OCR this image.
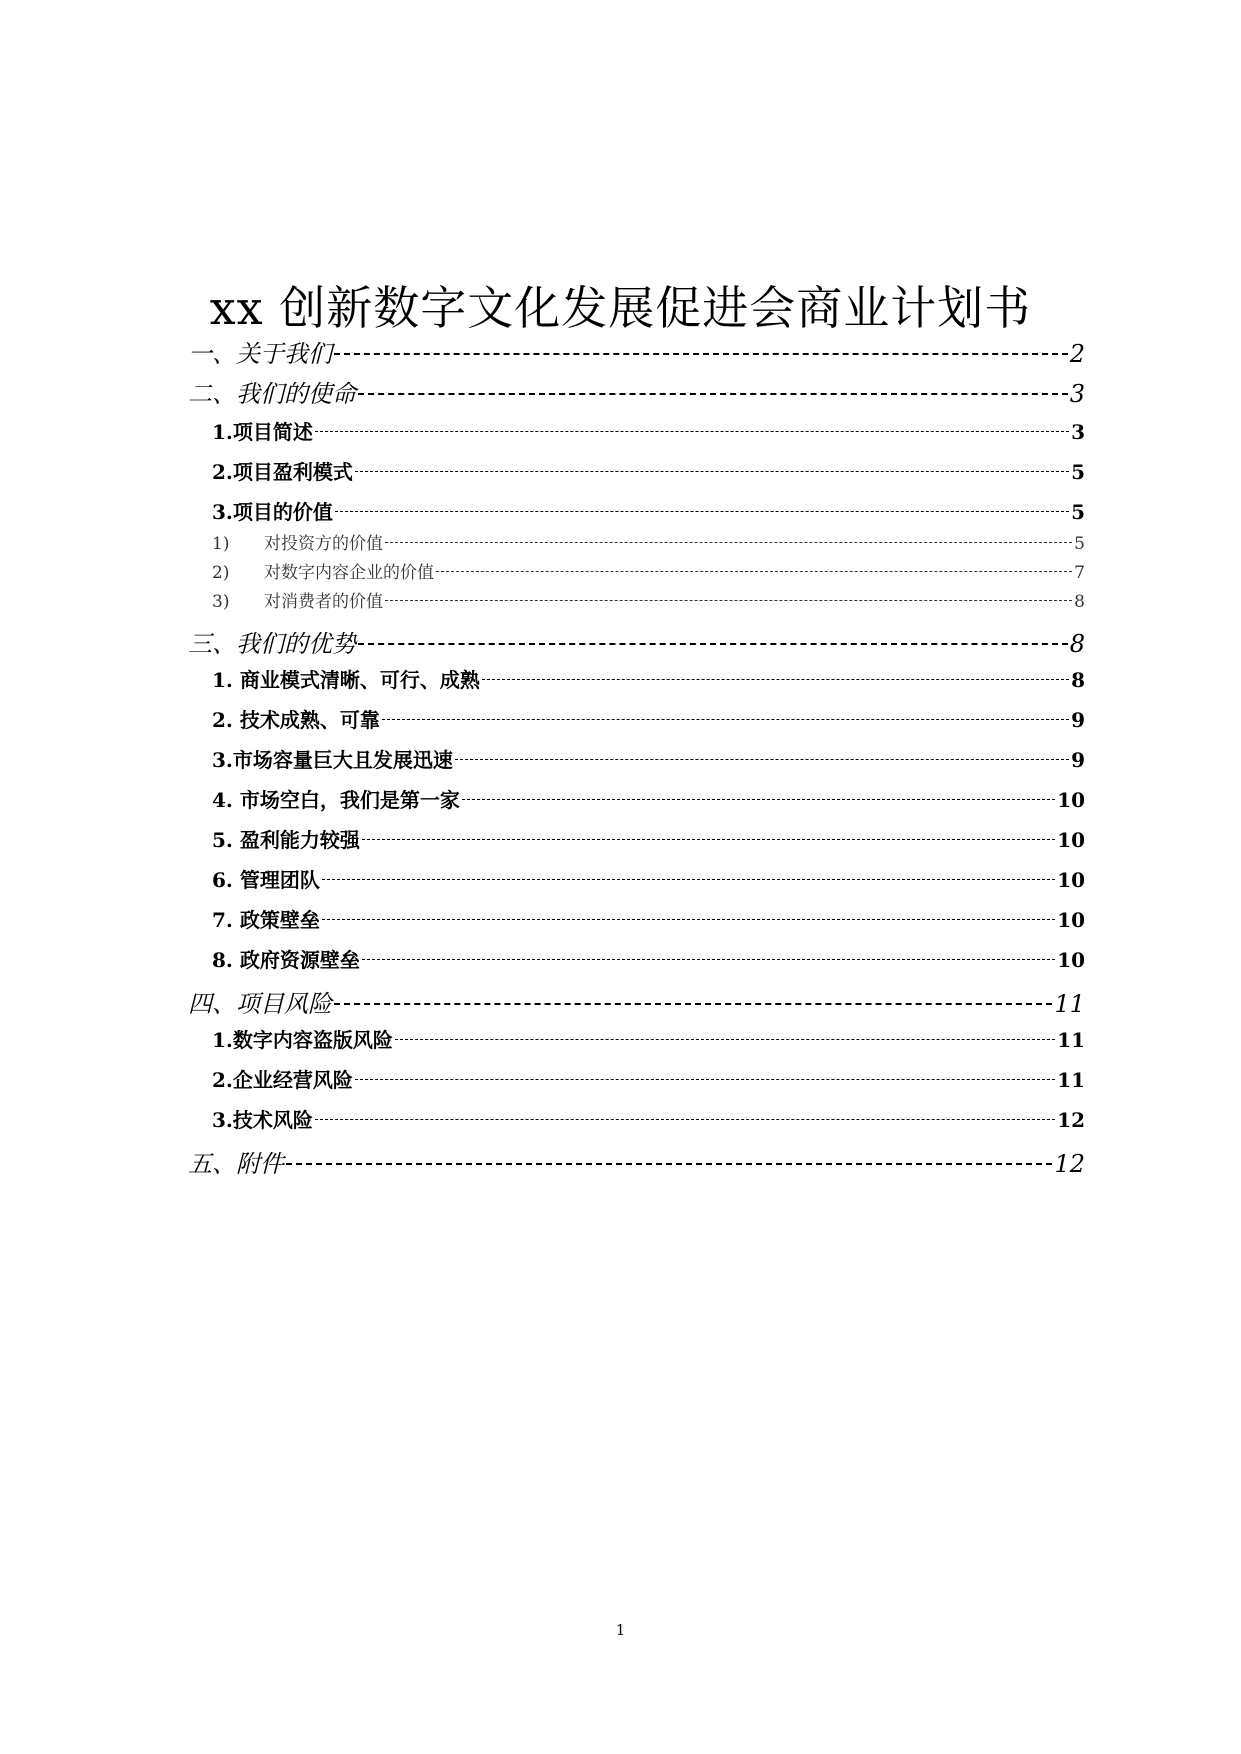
xx 创新数字文化发展促进会商业计划书
一、关于我们	2
二、我们的使命	3
1.项目简述	3
2.项目盈利模式	5
3.项目的价值	5
1) 对投资方的价值	5
2) 对数字内容企业的价值	7
3) 对消费者的价值	8
三、我们的优势	8
1. 商业模式清晰、可行、成熟	8
2. 技术成熟、可靠	9
3.市场容量巨大且发展迅速	9
4. 市场空白，我们是第一家	10
5. 盈利能力较强	10
6. 管理团队	10
7. 政策壁垒	10
8. 政府资源壁垒	10
四、项目风险	11
1.数字内容盗版风险	11
2.企业经营风险	11
3.技术风险	12
五、附件	12
1
